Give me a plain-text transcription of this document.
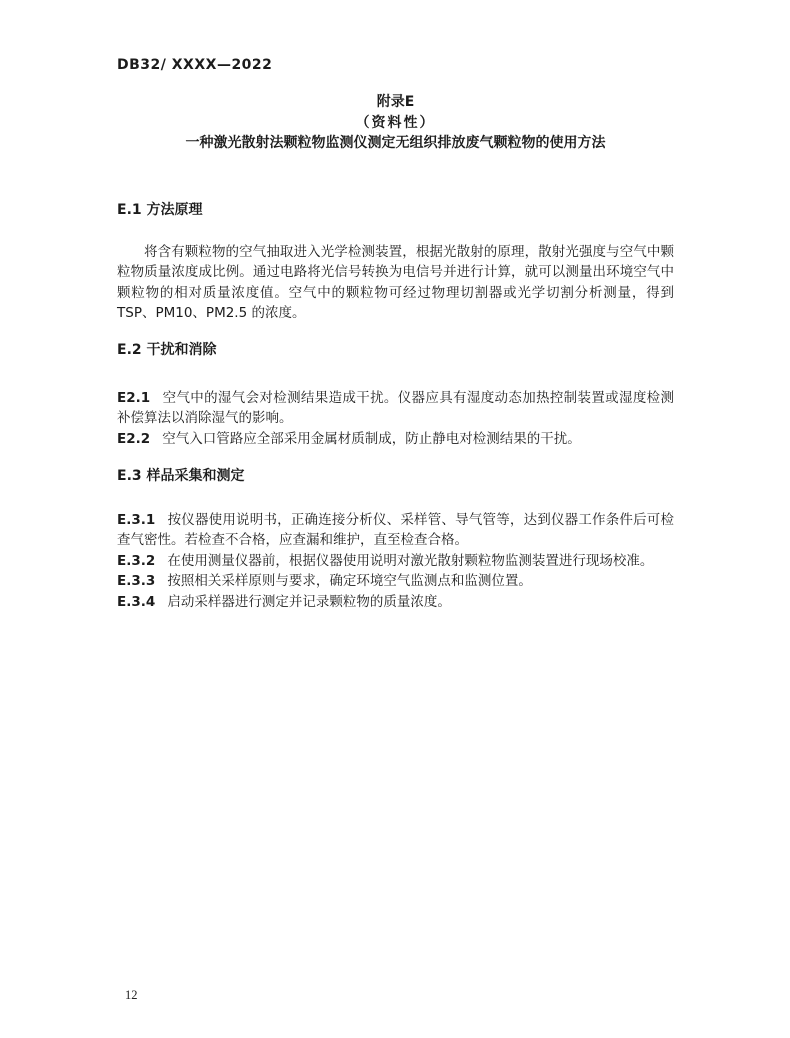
DB32/ XXXX—2022
附录E
（资料性）
一种激光散射法颗粒物监测仪测定无组织排放废气颗粒物的使用方法
E.1 方法原理

将含有颗粒物的空气抽取进入光学检测装置，根据光散射的原理，散射光强度与空气中颗粒物质量浓度成比例。通过电路将光信号转换为电信号并进行计算，就可以测量出环境空气中颗粒物的相对质量浓度值。空气中的颗粒物可经过物理切割器或光学切割分析测量，得到 TSP、PM10、PM2.5 的浓度。

E.2 干扰和消除

E2.1 空气中的湿气会对检测结果造成干扰。仪器应具有湿度动态加热控制装置或湿度检测补偿算法以消除湿气的影响。

E2.2 空气入口管路应全部采用金属材质制成，防止静电对检测结果的干扰。

E.3 样品采集和测定

E.3.1 按仪器使用说明书，正确连接分析仪、采样管、导气管等，达到仪器工作条件后可检查气密性。若检查不合格，应查漏和维护，直至检查合格。

E.3.2 在使用测量仪器前，根据仪器使用说明对激光散射颗粒物监测装置进行现场校准。

E.3.3 按照相关采样原则与要求，确定环境空气监测点和监测位置。

E.3.4 启动采样器进行测定并记录颗粒物的质量浓度。

12
